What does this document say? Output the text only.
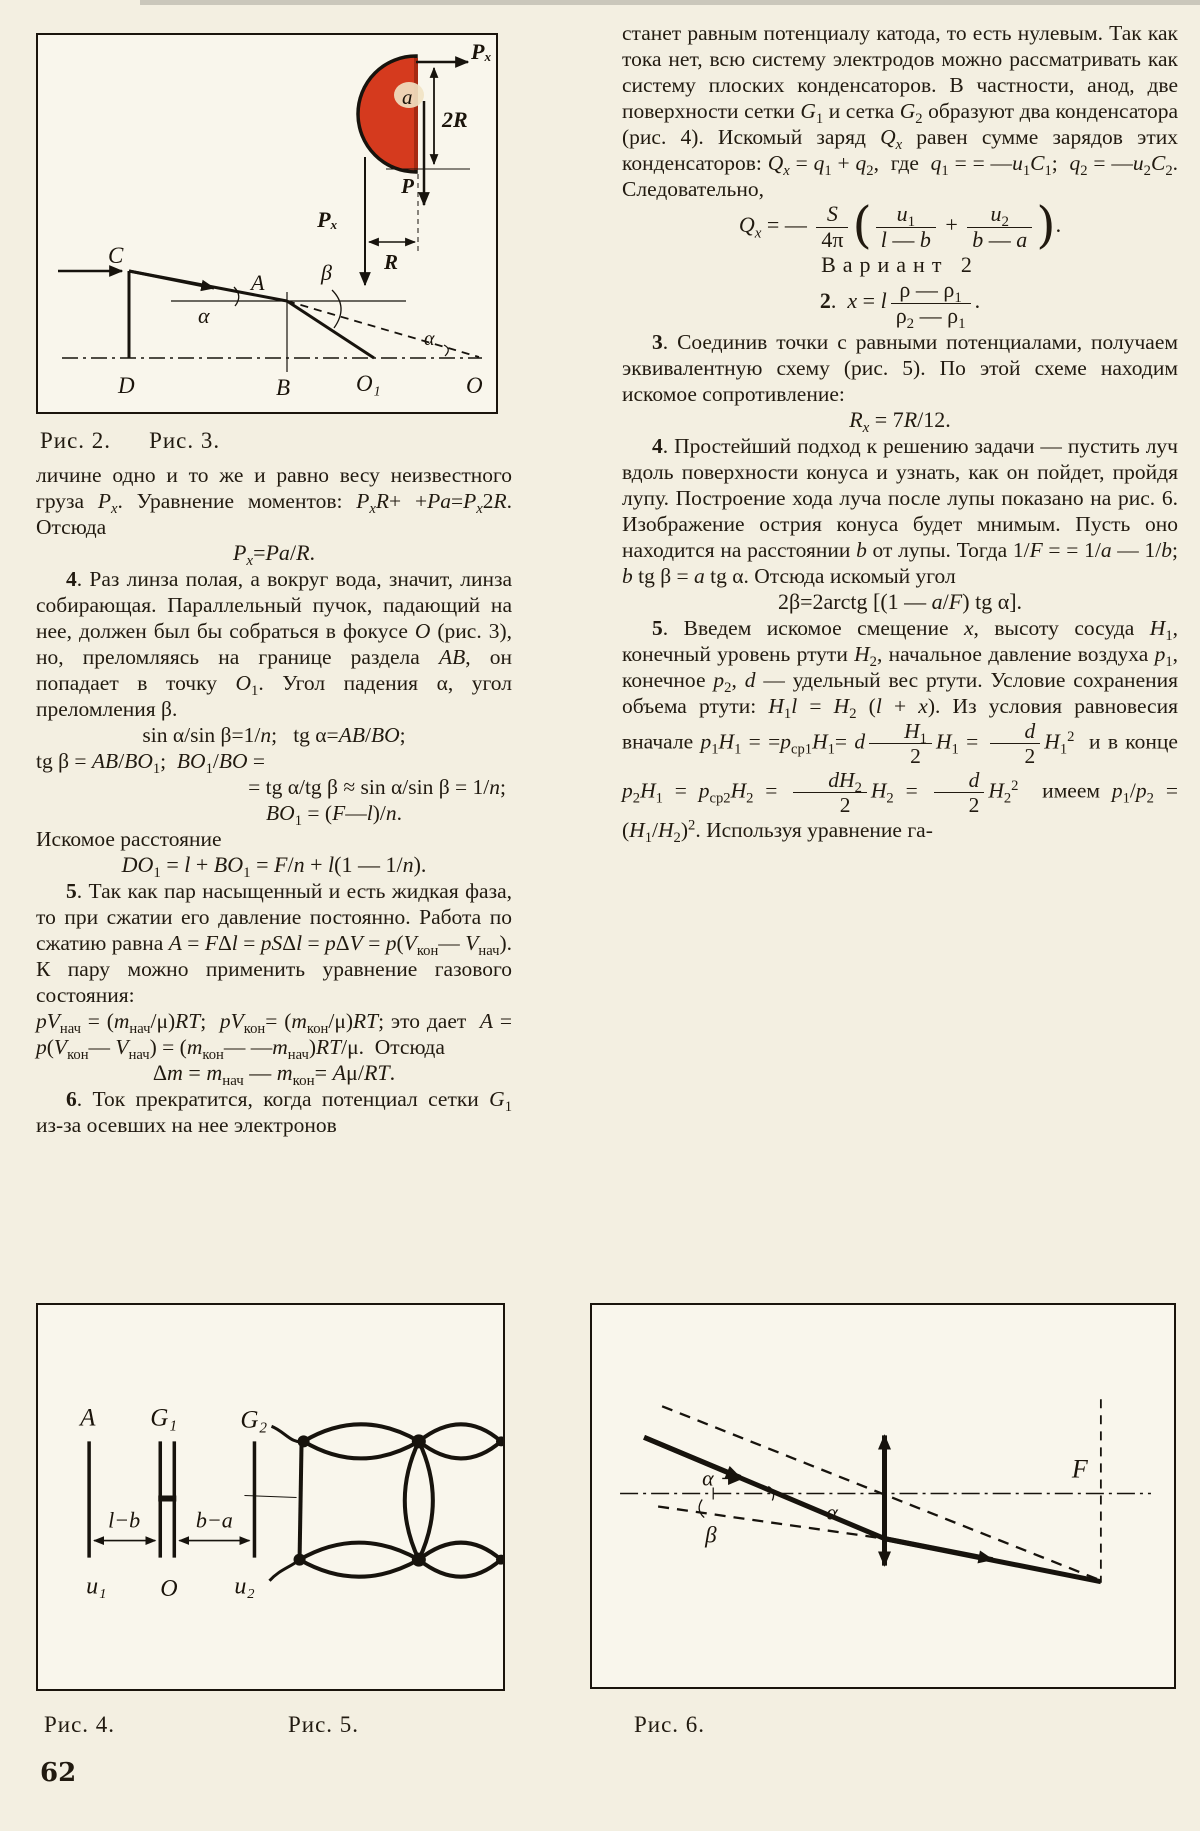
a
Pₓ
2R
P
Pₓ
R
C
α
β
α
A
D	B	O₁	O
Рис. 2. Рис. 3.

личине одно и то же и равно весу неизвестного груза $P_x$. Уравнение моментов: $P_xR+ +Pa=P_x2R$. Отсюда

$P_x=Pa/R$.

4. Раз линза полая, а вокруг вода, значит, линза собирающая. Параллельный пучок, падающий на нее, должен был бы собраться в фокусе O (рис. 3), но, преломляясь на границе раздела AB, он попадает в точку $O_1$. Угол падения α, угол преломления β.

sin α/sin β=1/n;   tg α=AB/BO;

tg $\beta = AB/BO_1$;  $BO_1/BO$ =

= tg α/tg β ≈ sin α/sin β = 1/n;

$BO_1$ = (F—l)/n.

Искомое расстояние

$DO_1 = l + BO_1 = F/n + l(1$ — 1/n).

5. Так как пар насыщенный и есть жидкая фаза, то при сжатии его давление постоянно. Работа по сжатию равна $A = F\Delta l = pS\Delta l = p\Delta V = p(V_{кон}—$ $V_{нач}$). К пару можно применить уравнение газового состояния:

$pV_{нач} = (m_{нач}/\mu)RT$;  $pV_{кон}= (m_{кон}/\mu)RT$; это дает  $A = p(V_{кон}—$ $V_{нач}$) = ($m_{кон}—$ $—m_{нач})RT/\mu$.  Отсюда

$\Delta m = m_{нач}$ — $m_{кон}= A\mu/RT$.

6. Ток прекратится, когда потенциал сетки $G_1$ из-за осевших на нее электронов

станет равным потенциалу катода, то есть нулевым. Так как тока нет, всю систему электродов можно рассматривать как систему плоских конденсаторов. В частности, анод, две поверхности сетки $G_1$ и сетка $G_2$ образуют два конденсатора (рис. 4). Искомый заряд $Q_x$ равен сумме зарядов этих конденсаторов: $Q_x = q_1 + q_2$,  где  $q_1$ = = $—u_1C_1$;  $q_2$ = $—u_2C_2$. Следовательно,

$Q_x$ = — $\frac{S}{4\pi}$ ( $\frac{u_1}{l — b} + \frac{u_2}{b — a}$ ).

Вариант 2

2.  x = l $\frac{\rho — \rho_1}{\rho_2 — \rho_1}$ .

3. Соединив точки с равными потенциалами, получаем эквивалентную схему (рис. 5). По этой схеме находим искомое сопротивление:

$R_x = 7R/12$.

4. Простейший подход к решению задачи — пустить луч вдоль поверхности конуса и узнать, как он пойдет, пройдя лупу. Построение хода луча после лупы показано на рис. 6. Изображение острия конуса будет мнимым. Пусть оно находится на расстоянии b от лупы. Тогда 1/F = = 1/a — 1/b; b tg β = a tg α. Отсюда искомый угол

2β=2arctg [(1 — a/F) tg α].

5. Введем искомое смещение x, высоту сосуда $H_1$, конечный уровень ртути $H_2$, начальное давление воздуха $p_1$, конечное $p_2$, d — удельный вес ртути. Условие сохранения объема ртути: $H_1l = H_2$ (l + x). Из условия равновесия вначале $p_1H_1 = =p_{ср1}H_1= d \frac{H_1}{2} H_1 = \frac{d}{2} H_1^2$  и в конце $p_2H_1 = p_{ср2}H_2 = \frac{dH_2}{2} H_2 = \frac{d}{2} H_2^2$  имеем $p_1/p_2 = (H_1/H_2)^2$. Используя уравнение га-

A G₁	G₂
l−b	b−a
u₁ O u₂
F
α
α
β
Рис. 4.	Рис. 5.	Рис. 6.
62
